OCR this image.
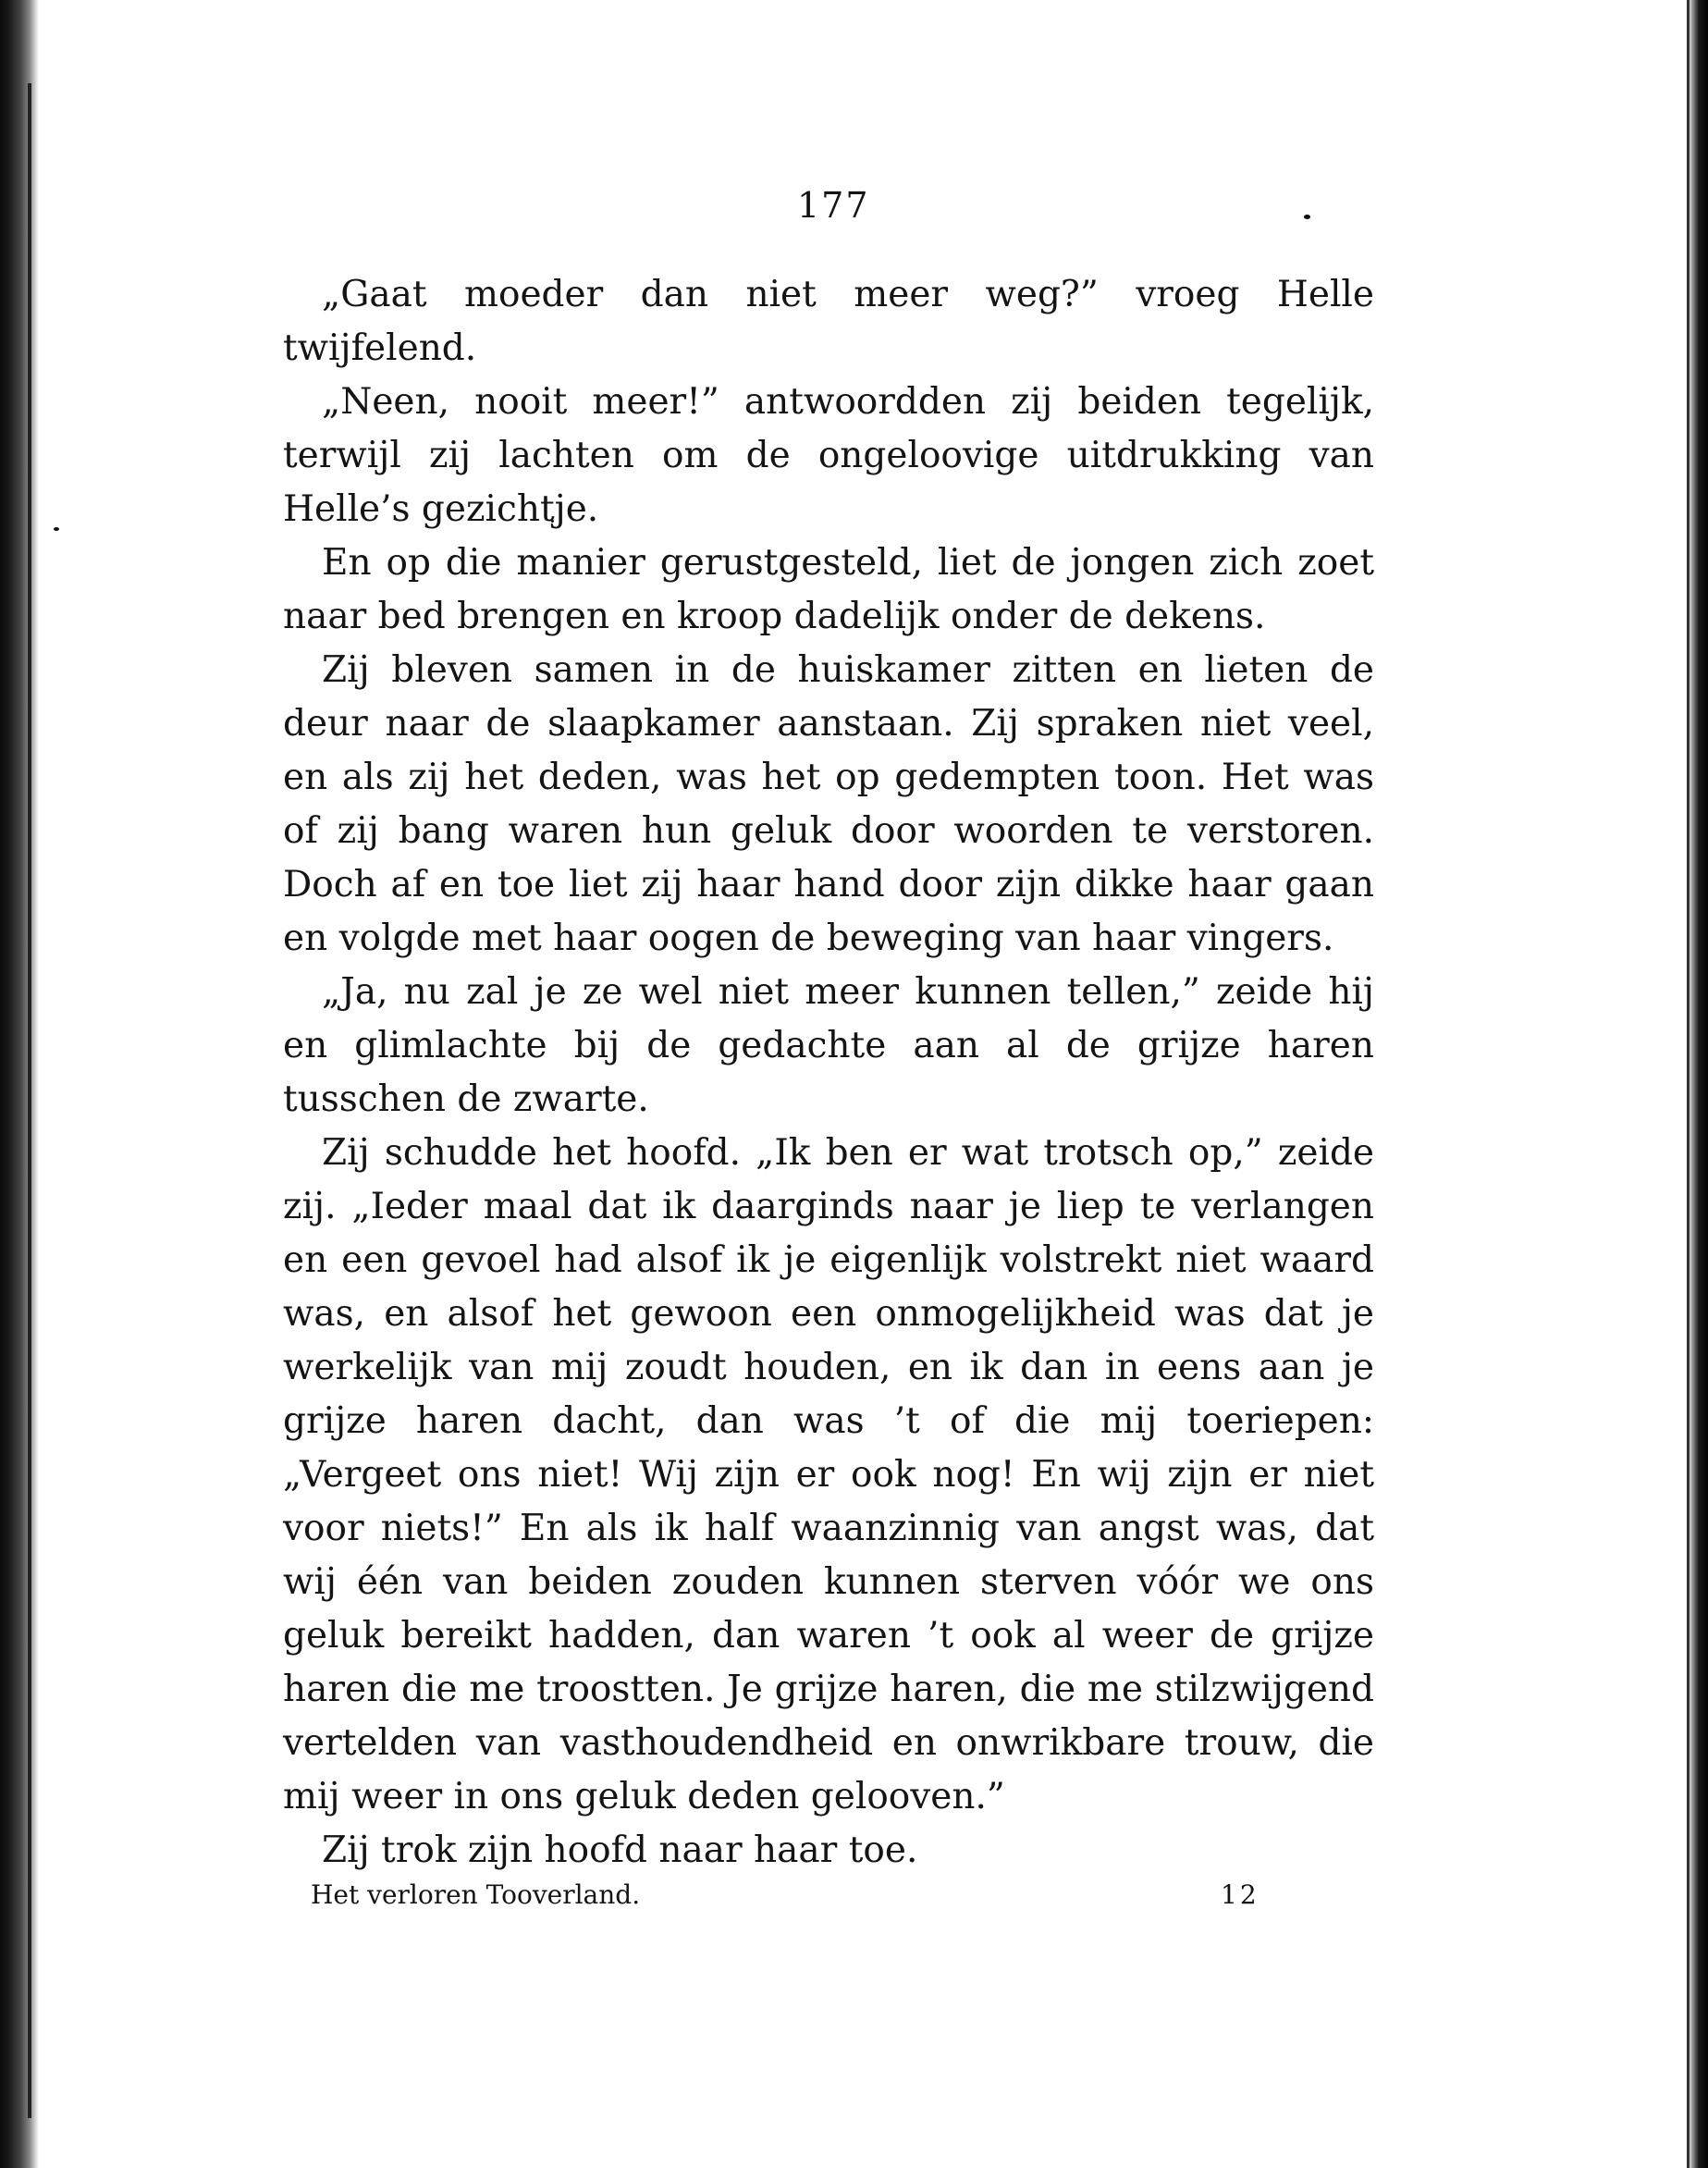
177

„Gaat moeder dan niet meer weg?” vroeg Helle twijfelend.

„Neen, nooit meer!” antwoordden zij beiden tegelijk, terwijl zij lachten om de ongeloovige uitdrukking van Helle’s gezichtje.

En op die manier gerustgesteld, liet de jongen zich zoet naar bed brengen en kroop dadelijk onder de dekens.

Zij bleven samen in de huiskamer zitten en lieten de deur naar de slaapkamer aanstaan. Zij spraken niet veel, en als zij het deden, was het op gedempten toon. Het was of zij bang waren hun geluk door woorden te verstoren. Doch af en toe liet zij haar hand door zijn dikke haar gaan en volgde met haar oogen de beweging van haar vingers.

„Ja, nu zal je ze wel niet meer kunnen tellen,” zeide hij en glimlachte bij de gedachte aan al de grijze haren tusschen de zwarte.

Zij schudde het hoofd. „Ik ben er wat trotsch op,” zeide zij. „Ieder maal dat ik daarginds naar je liep te verlangen en een gevoel had alsof ik je eigenlijk volstrekt niet waard was, en alsof het gewoon een onmogelijkheid was dat je werkelijk van mij zoudt houden, en ik dan in eens aan je grijze haren dacht, dan was ’t of die mij toeriepen: „Vergeet ons niet! Wij zijn er ook nog! En wij zijn er niet voor niets!” En als ik half waanzinnig van angst was, dat wij één van beiden zouden kunnen sterven vóór we ons geluk bereikt hadden, dan waren ’t ook al weer de grijze haren die me troostten. Je grijze haren, die me stilzwijgend vertelden van vasthoudendheid en onwrikbare trouw, die mij weer in ons geluk deden gelooven.”

Zij trok zijn hoofd naar haar toe.

Het verloren Tooverland.	12
